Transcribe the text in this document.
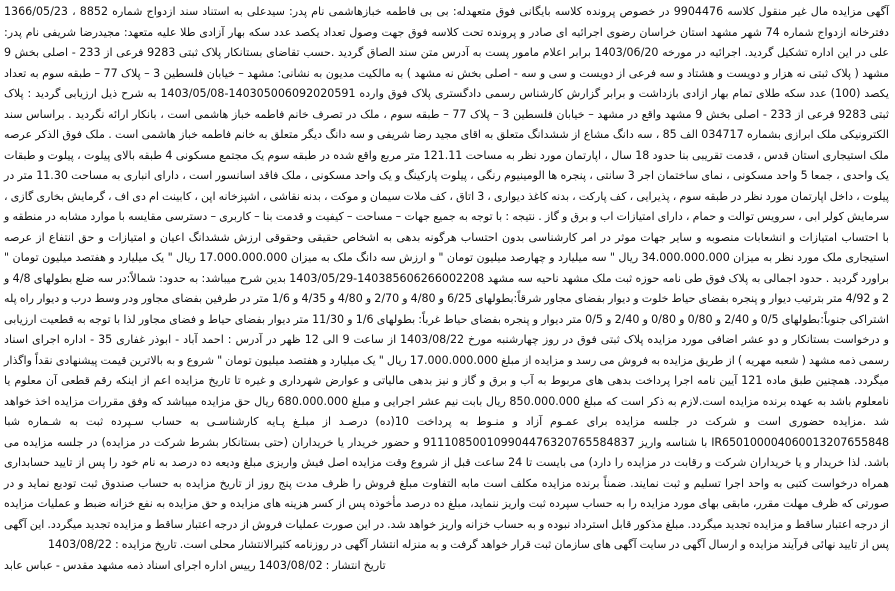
آگهی مزایده مال غیر منقول کلاسه 9904476 در خصوص پرونده کلاسه بایگانی فوق متعهدله: بی بی فاطمه خبازهاشمی نام پدر: سیدعلی به استناد سند ازدواج شماره 8852 ، 1366/05/23 دفترخانه ازدواج شماره 74 شهر مشهد استان خراسان رضوی اجرائیه ای صادر و پرونده تحت کلاسه فوق جهت وصول تعداد یکصد عدد سکه بهار آزادی طلا علیه متعهد: مجیدرضا شریفی نام پدر: علی در این اداره تشکیل گردید. اجرائیه در مورخه 1403/06/20 برابر اعلام مامور پست به آدرس متن سند الصاق گردید .حسب تقاضای بستانکار پلاک ثبتی 9283 فرعی از 233 - اصلی بخش 9 مشهد ( پلاک ثبتی نه هزار و دویست و هشتاد و سه فرعی از دویست و سی و سه - اصلی بخش نه مشهد ) به مالکیت مدیون به نشانی: مشهد – خیابان فلسطین 3 – پلاک 77 – طبقه سوم به تعداد یکصد (100) عدد سکه طلای تمام بهار ازادی بازداشت و برابر گزارش کارشناس رسمی دادگستری پلاک فوق وارده 140305006092020591-1403/05/08 به شرح ذیل ارزیابی گردید : پلاک ثبتی 9283 فرعی از 233 - اصلی بخش 9 مشهد واقع در مشهد – خیابان فلسطین 3 – پلاک 77 – طبقه سوم ، ملک در تصرف خانم فاطمه خباز هاشمی است ، بانکار ارائه نگردید . براساس سند الکترونیکی ملک ابرازی بشماره 034717 الف 85 ، سه دانگ مشاع از ششدانگ متعلق به اقای مجید رضا شریفی و سه دانگ دیگر متعلق به خانم فاطمه خباز هاشمی است . ملک فوق الذکر عرصه ملک استیجاری استان قدس ، قدمت تقریبی بنا حدود 18 سال ، اپارتمان مورد نظر به مساحت 121.11 متر مربع واقع شده در طبقه سوم یک مجتمع مسکونی 4 طبقه بالای پیلوت ، پیلوت و طبقات یک واحدی ، جمعا 5 واحد مسکونی ، نمای ساختمان اجر 3 سانتی ، پنجره ها الومینیوم رنگی ، پیلوت پارکینگ و یک واحد مسکونی ، ملک فاقد اسانسور است ، دارای انباری به مساحت 11.30 متر در پیلوت ، داخل اپارتمان مورد نظر در طبقه سوم ، پذیرایی ، کف پارکت ، بدنه کاغذ دیواری ، 3 اتاق ، کف ملات سیمان و موکت ، بدنه نقاشی ، اشپزخانه اپن ، کابینت ام دی اف ، گرمایش بخاری گازی ، سرمایش کولر ابی ، سرویس توالت و حمام ، دارای امتیازات اب و برق و گاز . نتیجه : با توجه به جمیع جهات – مساحت – کیفیت و قدمت بنا – کاربری – دسترسی مقایسه با موارد مشابه در منطقه و با احتساب امتیازات و انشعابات منصوبه و سایر جهات موثر در امر کارشناسی بدون احتساب هرگونه بدهی به اشخاص حقیقی وحقوقی ارزش ششدانگ اعیان و امتیازات و حق انتفاع از عرصه استیجاری ملک مورد نظر به میزان 34.000.000.000 ریال " سه میلیارد و چهارصد میلیون تومان " و ارزش سه دانگ ملک به میزان 17.000.000.000 ریال " یک میلیارد و هفتصد میلیون تومان " براورد گردید . حدود اجمالی به پلاک فوق طی نامه حوزه ثبت ملک مشهد ناحیه سه مشهد 140385606266002208-1403/05/29 بدین شرح میباشد: به حدود: شمالاً:در سه ضلع بطولهای 4/8 و 2 و 4/92 متر بترتیب دیوار و پنجره بفضای حیاط خلوت و دیوار بفضای مجاور شرقاً:بطولهای 6/25 و 4/80 و 2/70 و 4/80 و 4/35 و 1/6 متر در طرفین بفضای مجاور ودر وسط درب و دیوار راه پله اشتراکی جنوباً:بطولهای 0/5 و 2/40 و 0/80 و 0/80 و 2/40 و 0/5 متر دیوار و پنجره بفضای حیاط غرباً: بطولهای 1/6 و 11/30 متر دیوار بفضای حیاط و فضای مجاور لذا با توجه به قطعیت ارزیابی و درخواست بستانکار و دو عشر اضافی مورد مزایده پلاک ثبتی فوق در روز چهارشنبه مورخ 1403/08/22 از ساعت 9 الی 12 ظهر در آدرس : احمد آباد - ابوذر غفاری 35 - اداره اجرای اسناد رسمی ذمه مشهد ( شعبه مهریه ) از طریق مزایده به فروش می رسد و مزایده از مبلغ 17.000.000.000 ریال " یک میلیارد و هفتصد میلیون تومان " شروع و به بالاترین قیمت پیشنهادی نقداً واگذار میگردد. همچنین طبق ماده 121 آیین نامه اجرا پرداخت بدهی های مربوط به آب و برق و گاز و نیز بدهی مالیاتی و عوارض شهرداری و غیره تا تاریخ مزایده اعم از اینکه رقم قطعی آن معلوم یا نامعلوم باشد به عهده برنده مزایده است.لازم به ذکر است که مبلغ 850.000.000 ریال بابت نیم عشر اجرایی و مبلغ 680.000.000 ریال حق مزایده میباشد که وفق مقررات مزایده اخذ خواهد شد .مزایده حضوری است و شرکت در جلسه مزایده برای عمـوم آزاد و منـوط به پرداخت 10(ده) درصـد از مبلـغ پـایه کارشناسـی به حساب سـپرده ثبت به شـماره شبا IR650100004060013207655848 با شناسه واریز 911108500109904476320765584837 و حضور خریدار یا خریداران (حتی بستانکار بشرط شرکت در مزایده) در جلسه مزایده می باشد. لذا خریدار و یا خریداران شرکت و رقابت در مزایده را دارد) می بایست تا 24 ساعت قبل از شروع وقت مزایده اصل فیش واریزی مبلغ ودیعه ده درصد به نام خود را پس از تایید حسابداری همراه درخواست کتبی به واحد اجرا تسلیم و ثبت نمایند. ضمناً برنده مزایده مکلف است مابه التفاوت مبلغ فروش را ظرف مدت پنج روز از تاریخ مزایده به حساب صندوق ثبت تودیع نماید و در صورتی که ظرف مهلت مقرر، مابقی بهای مورد مزایده را به حساب سپرده ثبت واریز ننماید، مبلغ ده درصد مأخوذه پس از کسر هزینه های مزایده و حق مزایده به نفع خزانه ضبط و عملیات مزایده از درجه اعتبار ساقط و مزایده تجدید میگردد. مبلغ مذکور قابل استرداد نبوده و به حساب خزانه واریز خواهد شد. در این صورت عملیات فروش از درجه اعتبار ساقط و مزایده تجدید میگردد. این آگهی پس از تایید نهائی فرآیند مزایده و ارسال آگهی در سایت آگهی های سازمان ثبت قرار خواهد گرفت و به منزله انتشار آگهی در روزنامه کثیرالانتشار محلی است. تاریخ مزایده : 1403/08/22

تاریخ انتشار : 1403/08/02 رییس اداره اجرای اسناد ذمه مشهد مقدس - عباس عابد
